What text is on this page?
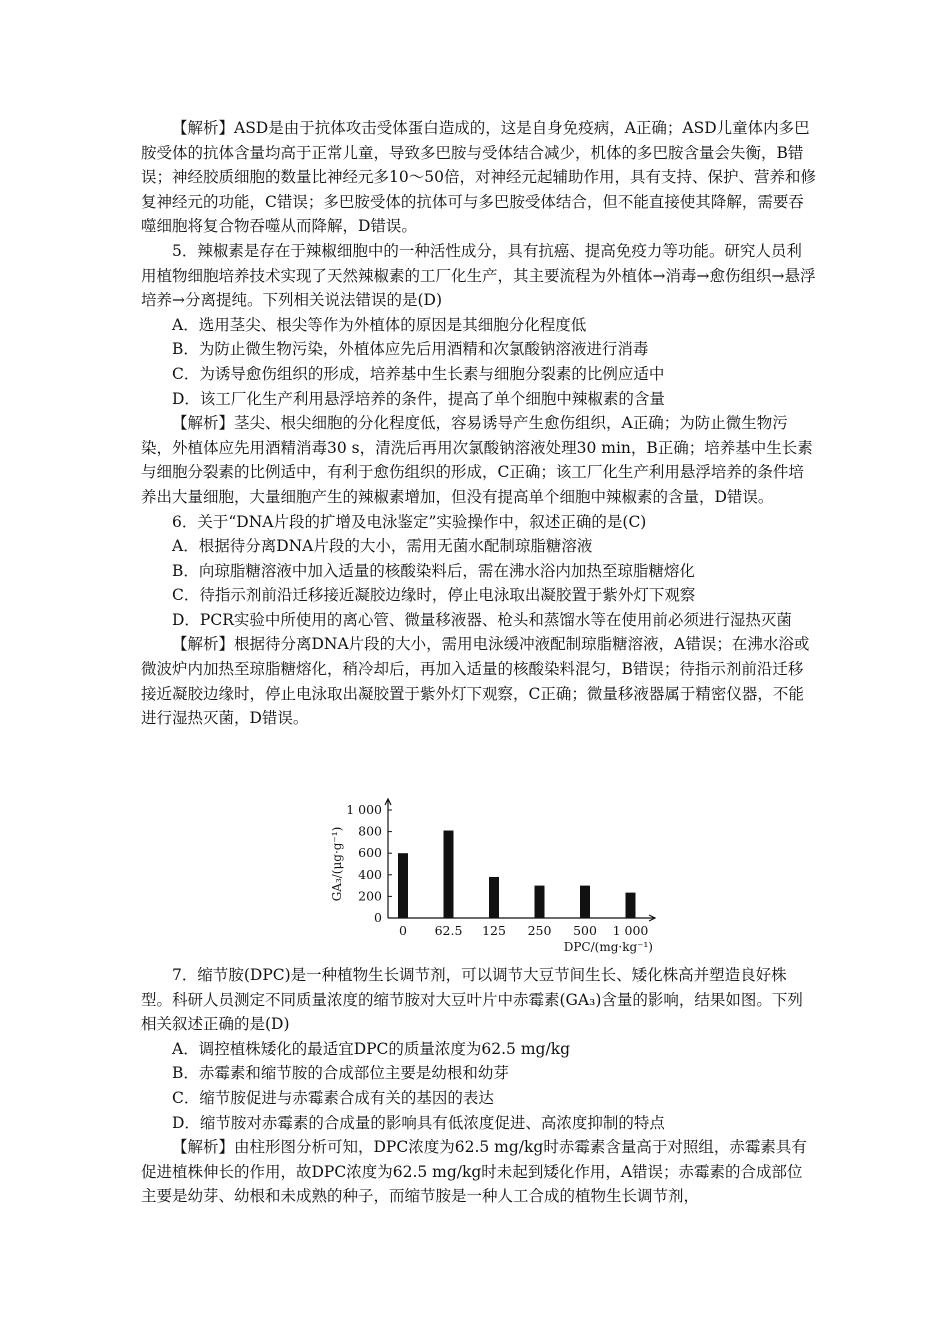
【解析】ASD是由于抗体攻击受体蛋白造成的，这是自身免疫病，A正确；ASD儿童体内多巴胺受体的抗体含量均高于正常儿童，导致多巴胺与受体结合减少，机体的多巴胺含量会失衡，B错误；神经胶质细胞的数量比神经元多10～50倍，对神经元起辅助作用，具有支持、保护、营养和修复神经元的功能，C错误；多巴胺受体的抗体可与多巴胺受体结合，但不能直接使其降解，需要吞噬细胞将复合物吞噬从而降解，D错误。

5．辣椒素是存在于辣椒细胞中的一种活性成分，具有抗癌、提高免疫力等功能。研究人员利用植物细胞培养技术实现了天然辣椒素的工厂化生产，其主要流程为外植体→消毒→愈伤组织→悬浮培养→分离提纯。下列相关说法错误的是(D)

A．选用茎尖、根尖等作为外植体的原因是其细胞分化程度低

B．为防止微生物污染，外植体应先后用酒精和次氯酸钠溶液进行消毒

C．为诱导愈伤组织的形成，培养基中生长素与细胞分裂素的比例应适中

D．该工厂化生产利用悬浮培养的条件，提高了单个细胞中辣椒素的含量

【解析】茎尖、根尖细胞的分化程度低，容易诱导产生愈伤组织，A正确；为防止微生物污染，外植体应先用酒精消毒30 s，清洗后再用次氯酸钠溶液处理30 min，B正确；培养基中生长素与细胞分裂素的比例适中，有利于愈伤组织的形成，C正确；该工厂化生产利用悬浮培养的条件培养出大量细胞，大量细胞产生的辣椒素增加，但没有提高单个细胞中辣椒素的含量，D错误。

6．关于“DNA片段的扩增及电泳鉴定”实验操作中，叙述正确的是(C)

A．根据待分离DNA片段的大小，需用无菌水配制琼脂糖溶液

B．向琼脂糖溶液中加入适量的核酸染料后，需在沸水浴内加热至琼脂糖熔化

C．待指示剂前沿迁移接近凝胶边缘时，停止电泳取出凝胶置于紫外灯下观察

D．PCR实验中所使用的离心管、微量移液器、枪头和蒸馏水等在使用前必须进行湿热灭菌

【解析】根据待分离DNA片段的大小，需用电泳缓冲液配制琼脂糖溶液，A错误；在沸水浴或微波炉内加热至琼脂糖熔化，稍冷却后，再加入适量的核酸染料混匀，B错误；待指示剂前沿迁移接近凝胶边缘时，停止电泳取出凝胶置于紫外灯下观察，C正确；微量移液器属于精密仪器，不能进行湿热灭菌，D错误。

0
200
400
600
800
1 000
0 62.5 125 250 500 1 000
DPC/(mg·kg⁻¹)
GA₃/(μg·g⁻¹)

7．缩节胺(DPC)是一种植物生长调节剂，可以调节大豆节间生长、矮化株高并塑造良好株型。科研人员测定不同质量浓度的缩节胺对大豆叶片中赤霉素(GA₃)含量的影响，结果如图。下列相关叙述正确的是(D)

A．调控植株矮化的最适宜DPC的质量浓度为62.5 mg/kg

B．赤霉素和缩节胺的合成部位主要是幼根和幼芽

C．缩节胺促进与赤霉素合成有关的基因的表达

D．缩节胺对赤霉素的合成量的影响具有低浓度促进、高浓度抑制的特点

【解析】由柱形图分析可知，DPC浓度为62.5 mg/kg时赤霉素含量高于对照组，赤霉素具有促进植株伸长的作用，故DPC浓度为62.5 mg/kg时未起到矮化作用，A错误；赤霉素的合成部位主要是幼芽、幼根和未成熟的种子，而缩节胺是一种人工合成的植物生长调节剂，
